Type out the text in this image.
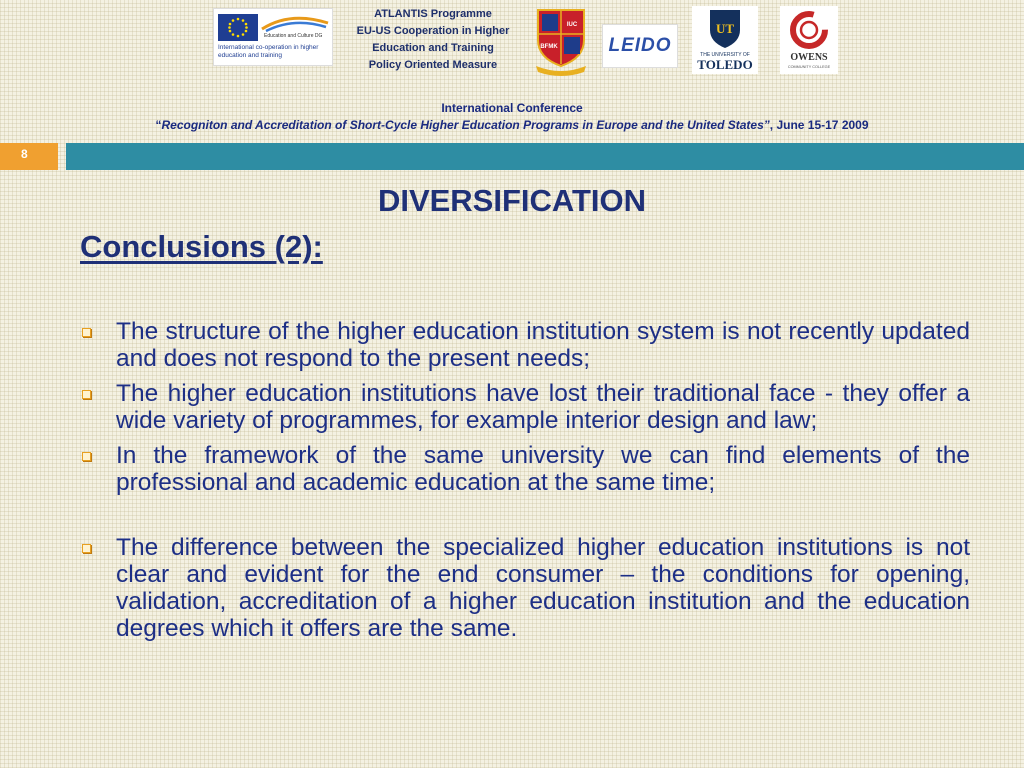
Education and Culture DG
International co-operation in higher education and training
ATLANTIS Programme
EU-US Cooperation in Higher
Education and Training
Policy Oriented Measure
BFMK
IUC
LEIDO
UT
THE UNIVERSITY OF
TOLEDO	OWENS
COMMUNITY COLLEGE
International Conference
“Recogniton and Accreditation of Short-Cycle Higher Education Programs in Europe and the United States”, June 15-17 2009
8
DIVERSIFICATION
Conclusions (2):
The structure of the higher education institution system is not recently updated and does not respond to the present needs;
The higher education institutions have lost their traditional face - they offer a wide variety of programmes, for example interior design and law;
In the framework of the same university we can find elements of the professional and academic education at the same time;
The difference between the specialized higher education institutions is not clear and evident for the end consumer – the conditions for opening, validation, accreditation of a higher education institution and the education degrees which it offers are the same.
